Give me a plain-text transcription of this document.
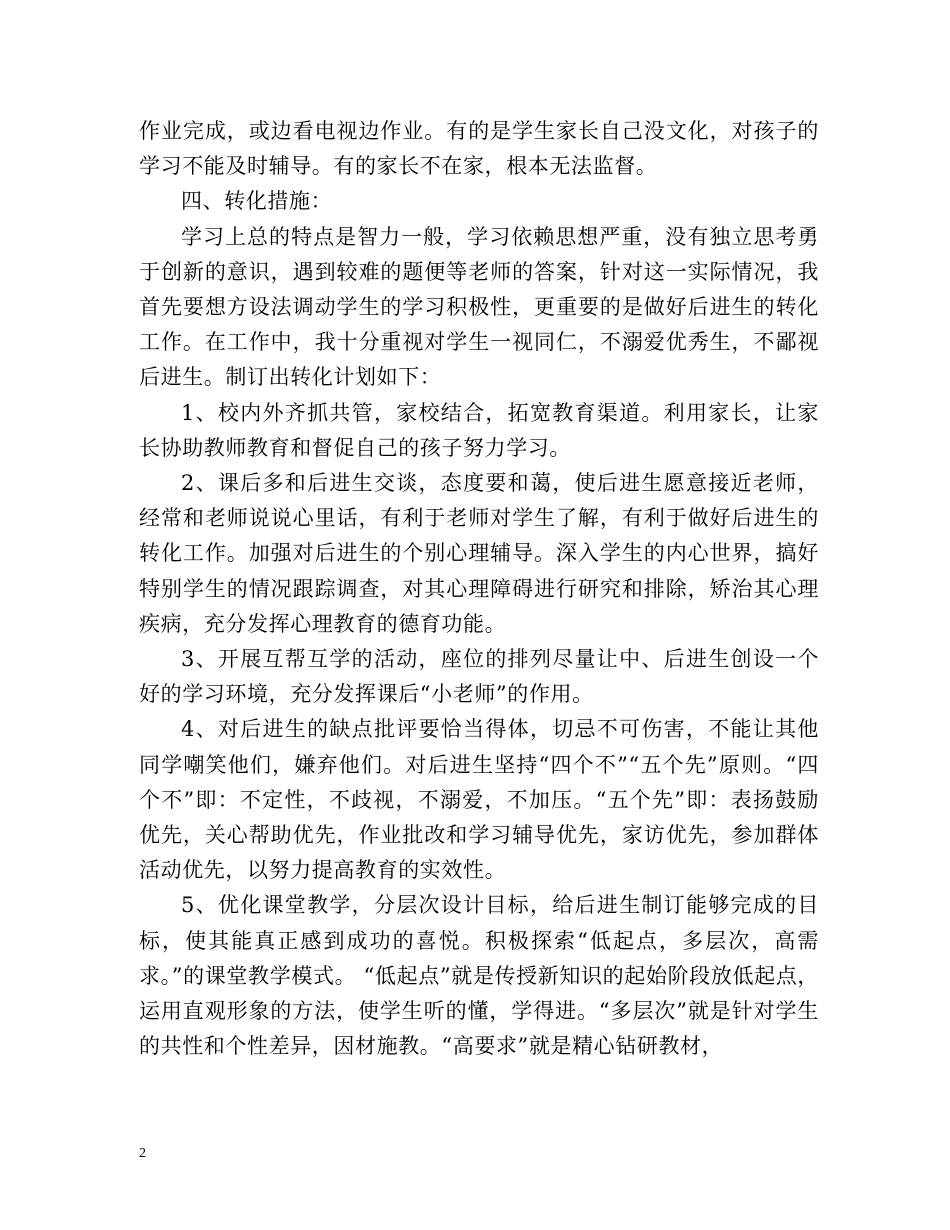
作业完成，或边看电视边作业。有的是学生家长自己没文化，对孩子的学习不能及时辅导。有的家长不在家，根本无法监督。

四、转化措施：

学习上总的特点是智力一般，学习依赖思想严重，没有独立思考勇于创新的意识，遇到较难的题便等老师的答案，针对这一实际情况，我首先要想方设法调动学生的学习积极性，更重要的是做好后进生的转化工作。在工作中，我十分重视对学生一视同仁，不溺爱优秀生，不鄙视后进生。制订出转化计划如下：

1、校内外齐抓共管，家校结合，拓宽教育渠道。利用家长，让家长协助教师教育和督促自己的孩子努力学习。

2、课后多和后进生交谈，态度要和蔼，使后进生愿意接近老师，经常和老师说说心里话，有利于老师对学生了解，有利于做好后进生的转化工作。加强对后进生的个别心理辅导。深入学生的内心世界，搞好特别学生的情况跟踪调查，对其心理障碍进行研究和排除，矫治其心理疾病，充分发挥心理教育的德育功能。

3、开展互帮互学的活动，座位的排列尽量让中、后进生创设一个好的学习环境，充分发挥课后“小老师”的作用。

4、对后进生的缺点批评要恰当得体，切忌不可伤害，不能让其他同学嘲笑他们，嫌弃他们。对后进生坚持“四个不”“五个先”原则。“四个不”即：不定性，不歧视，不溺爱，不加压。“五个先”即：表扬鼓励优先，关心帮助优先，作业批改和学习辅导优先，家访优先，参加群体活动优先，以努力提高教育的实效性。

5、优化课堂教学，分层次设计目标，给后进生制订能够完成的目标，使其能真正感到成功的喜悦。积极探索“低起点，多层次，高需求。”的课堂教学模式。 “低起点”就是传授新知识的起始阶段放低起点，运用直观形象的方法，使学生听的懂，学得进。“多层次”就是针对学生的共性和个性差异，因材施教。“高要求”就是精心钻研教材，

2
